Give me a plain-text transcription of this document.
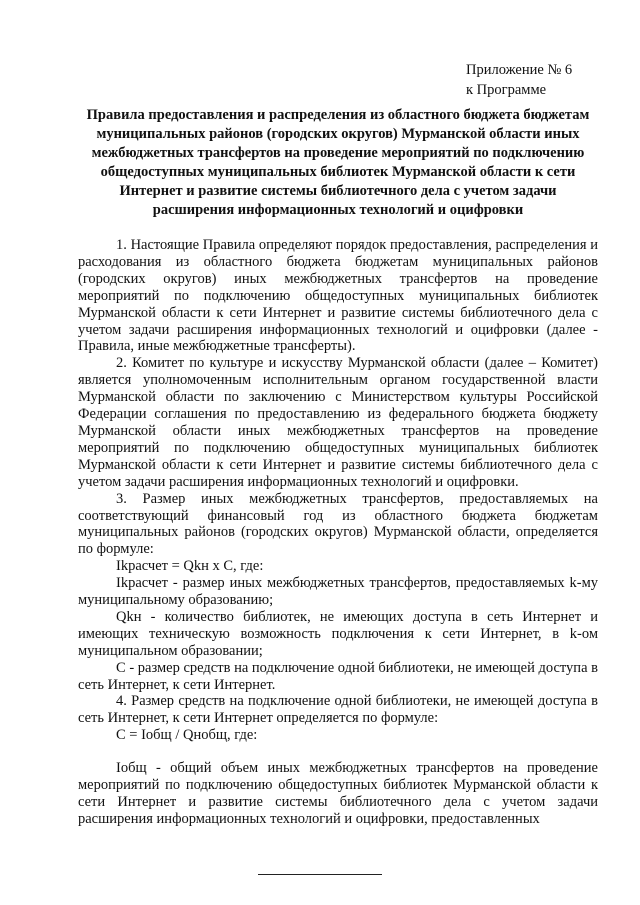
Приложение № 6
к Программе
Правила предоставления и распределения из областного бюджета бюджетам муниципальных районов (городских округов) Мурманской области иных межбюджетных трансфертов на проведение мероприятий по подключению общедоступных муниципальных библиотек Мурманской области к сети Интернет и развитие системы библиотечного дела с учетом задачи расширения информационных технологий и оцифровки

1. Настоящие Правила определяют порядок предоставления, распределения и расходования из областного бюджета бюджетам муниципальных районов (городских округов) иных межбюджетных трансфертов на проведение мероприятий по подключению общедоступных муниципальных библиотек Мурманской области к сети Интернет и развитие системы библиотечного дела с учетом задачи расширения информационных технологий и оцифровки (далее - Правила, иные межбюджетные трансферты).

2. Комитет по культуре и искусству Мурманской области (далее – Комитет) является уполномоченным исполнительным органом государственной власти Мурманской области по заключению с Министерством культуры Российской Федерации соглашения по предоставлению из федерального бюджета бюджету Мурманской области иных межбюджетных трансфертов на проведение мероприятий по подключению общедоступных муниципальных библиотек Мурманской области к сети Интернет и развитие системы библиотечного дела с учетом задачи расширения информационных технологий и оцифровки.

3. Размер иных межбюджетных трансфертов, предоставляемых на соответствующий финансовый год из областного бюджета бюджетам муниципальных районов (городских округов) Мурманской области, определяется по формуле:

Ikрасчет = Qkн х С, где:

Ikрасчет - размер иных межбюджетных трансфертов, предоставляемых k-му муниципальному образованию;

Qkн - количество библиотек, не имеющих доступа в сеть Интернет и имеющих техническую возможность подключения к сети Интернет, в k-ом муниципальном образовании;

С - размер средств на подключение одной библиотеки, не имеющей доступа в сеть Интернет, к сети Интернет.

4. Размер средств на подключение одной библиотеки, не имеющей доступа в сеть Интернет, к сети Интернет определяется по формуле:

С = Iобщ / Qнобщ, где:

Iобщ - общий объем иных межбюджетных трансфертов на проведение мероприятий по подключению общедоступных библиотек Мурманской области к сети Интернет и развитие системы библиотечного дела с учетом задачи расширения информационных технологий и оцифровки, предоставленных
